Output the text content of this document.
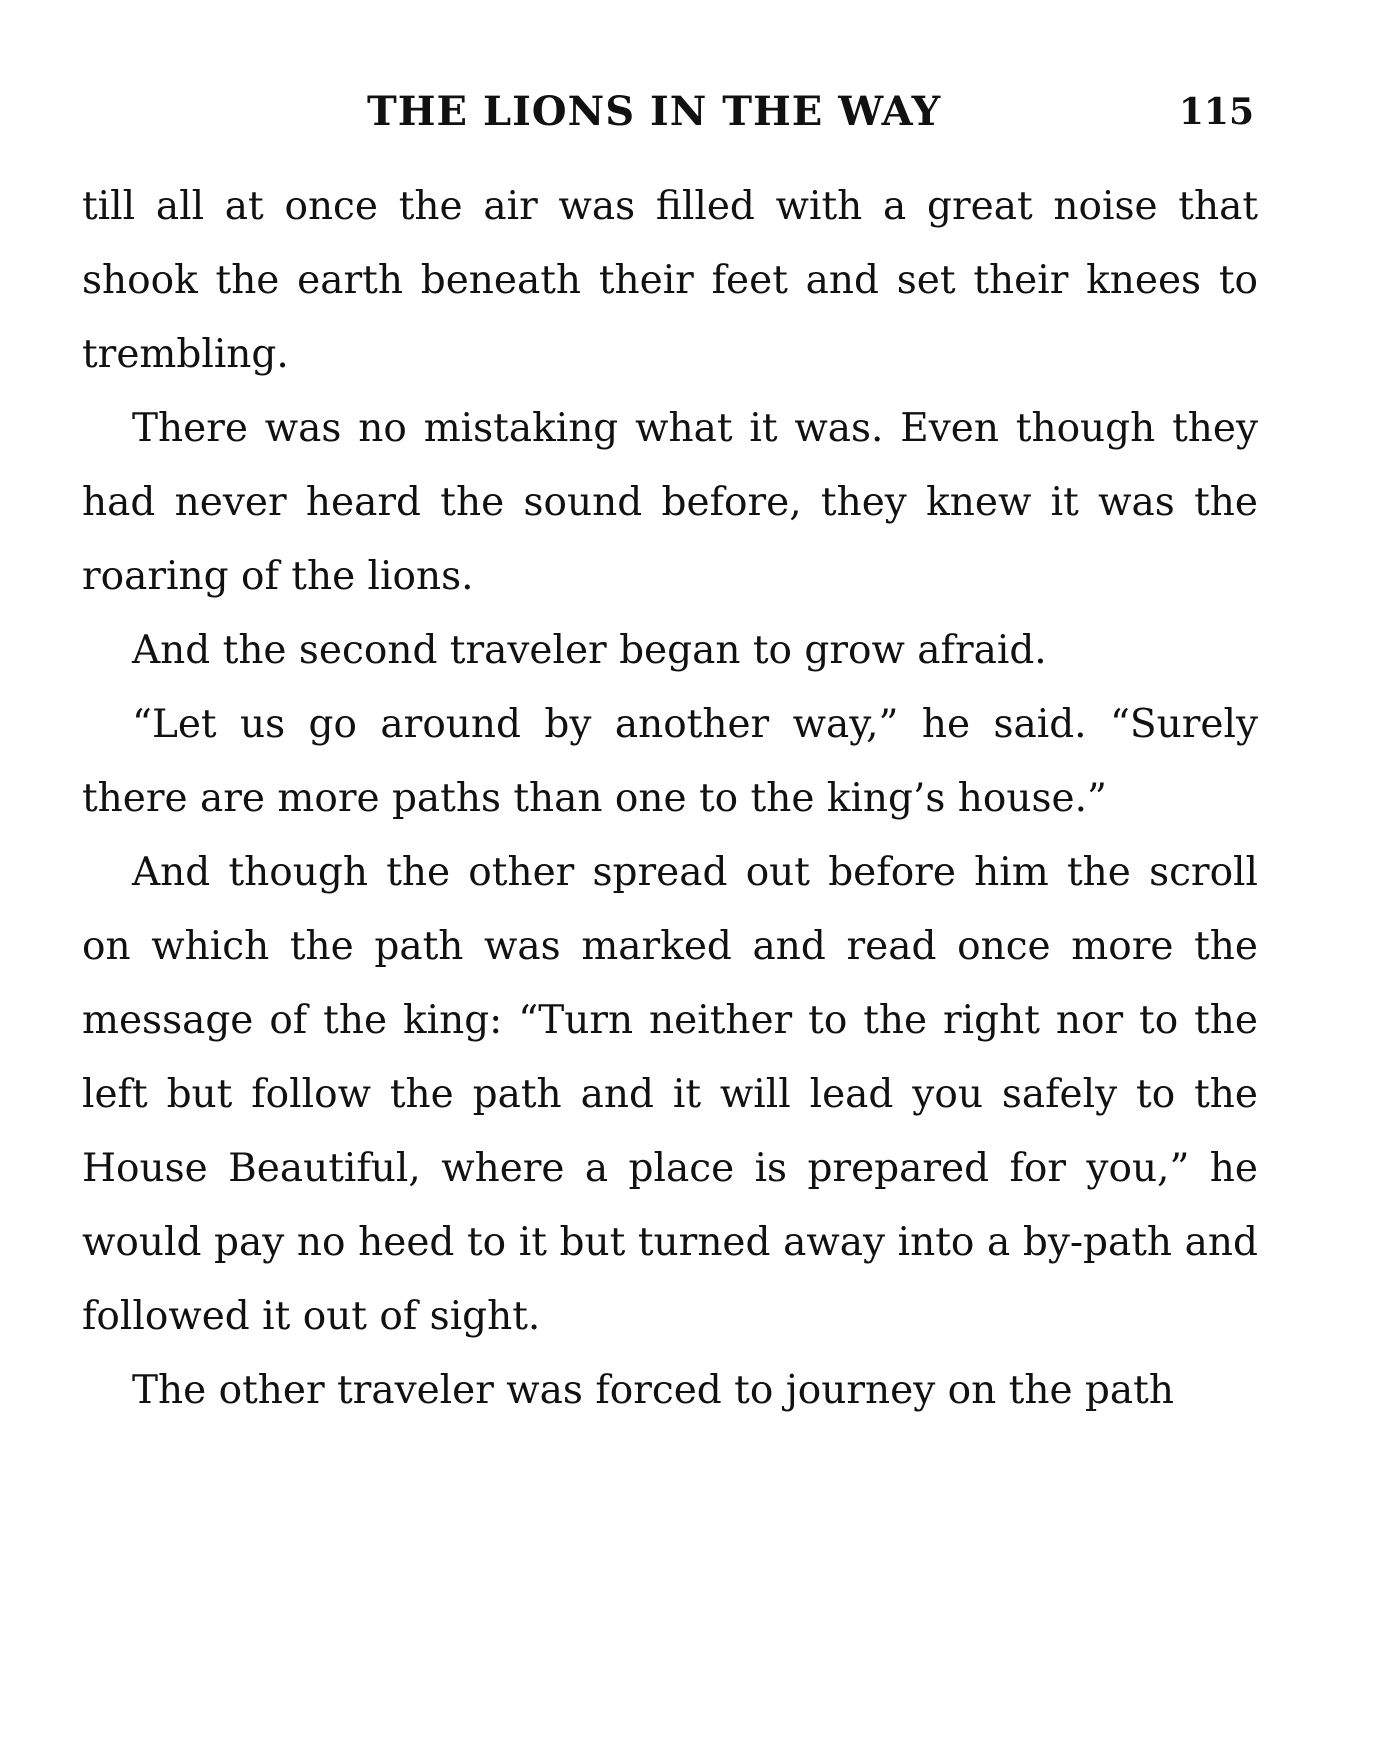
THE LIONS IN THE WAY	115

till all at once the air was filled with a great noise that shook the earth beneath their feet and set their knees to trembling.

There was no mistaking what it was. Even though they had never heard the sound before, they knew it was the roaring of the lions.

And the second traveler began to grow afraid.

“Let us go around by another way,” he said. “Surely there are more paths than one to the king’s house.”

And though the other spread out before him the scroll on which the path was marked and read once more the message of the king: “Turn neither to the right nor to the left but follow the path and it will lead you safely to the House Beautiful, where a place is prepared for you,” he would pay no heed to it but turned away into a by-path and followed it out of sight.

The other traveler was forced to journey on the path
